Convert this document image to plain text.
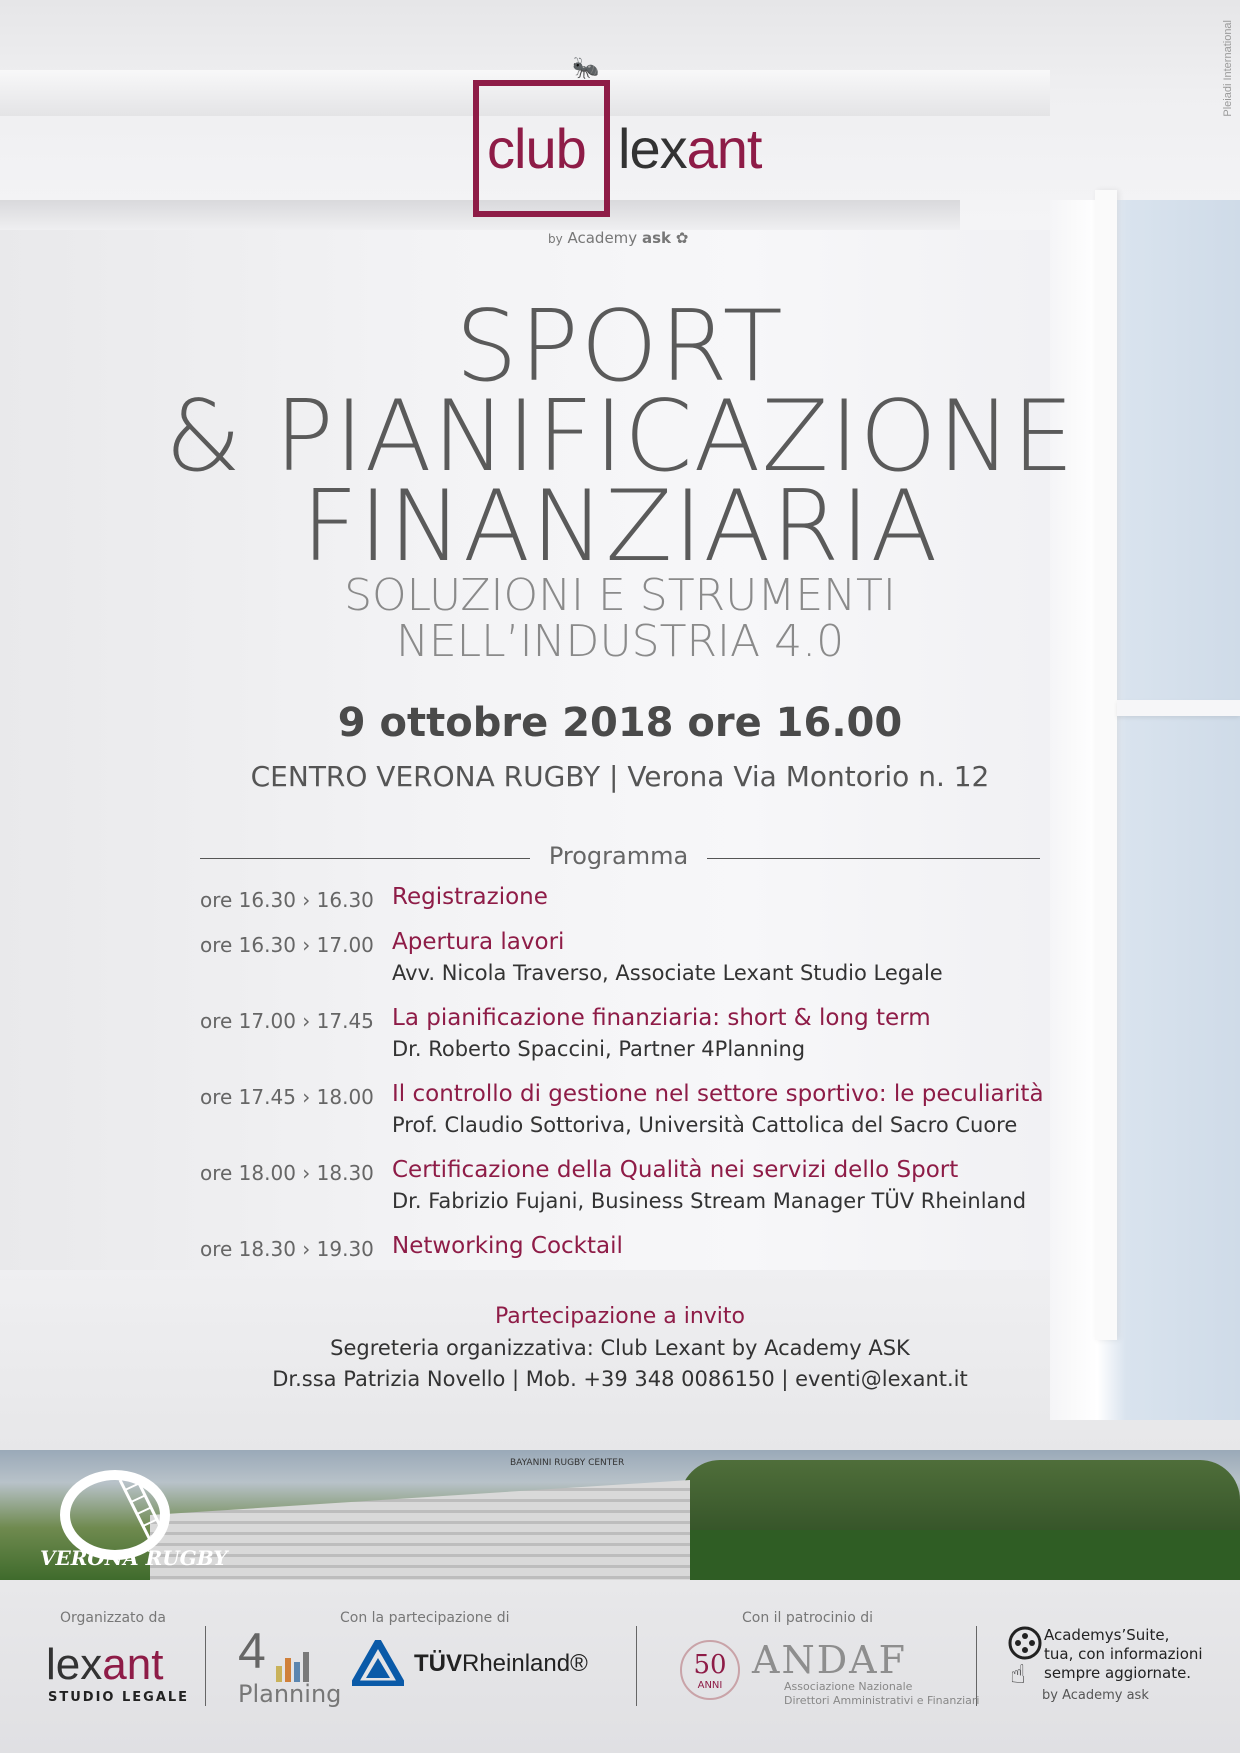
Pleiadi International
🐜
club lexant
by Academy ask ✿
SPORT
& PIANIFICAZIONE
FINANZIARIA
SOLUZIONI E STRUMENTI
NELL’INDUSTRIA 4.0
9 ottobre 2018 ore 16.00
CENTRO VERONA RUGBY | Verona Via Montorio n. 12
Programma
ore 16.30 › 16.30 Registrazione
ore 16.30 › 17.00 Apertura lavori
Avv. Nicola Traverso, Associate Lexant Studio Legale
ore 17.00 › 17.45 La pianificazione finanziaria: short & long term
Dr. Roberto Spaccini, Partner 4Planning
ore 17.45 › 18.00 Il controllo di gestione nel settore sportivo: le peculiarità
Prof. Claudio Sottoriva, Università Cattolica del Sacro Cuore
ore 18.00 › 18.30 Certificazione della Qualità nei servizi dello Sport
Dr. Fabrizio Fujani, Business Stream Manager TÜV Rheinland
ore 18.30 › 19.30 Networking Cocktail
Partecipazione a invito
Segreteria organizzativa: Club Lexant by Academy ASK
Dr.ssa Patrizia Novello | Mob. +39 348 0086150 | eventi@lexant.it
BAYANINI RUGBY CENTER
VERONA RUGBY
Organizzato da	Con la partecipazione di	Con il patrocinio di
lexant
STUDIO LEGALE
4
Planning
TÜVRheinland®	50
ANNI
ANDAF
Associazione Nazionale
Direttori Amministrativi e Finanziari
☝
Academys’Suite,
tua, con informazioni
sempre aggiornate.
by Academy ask
